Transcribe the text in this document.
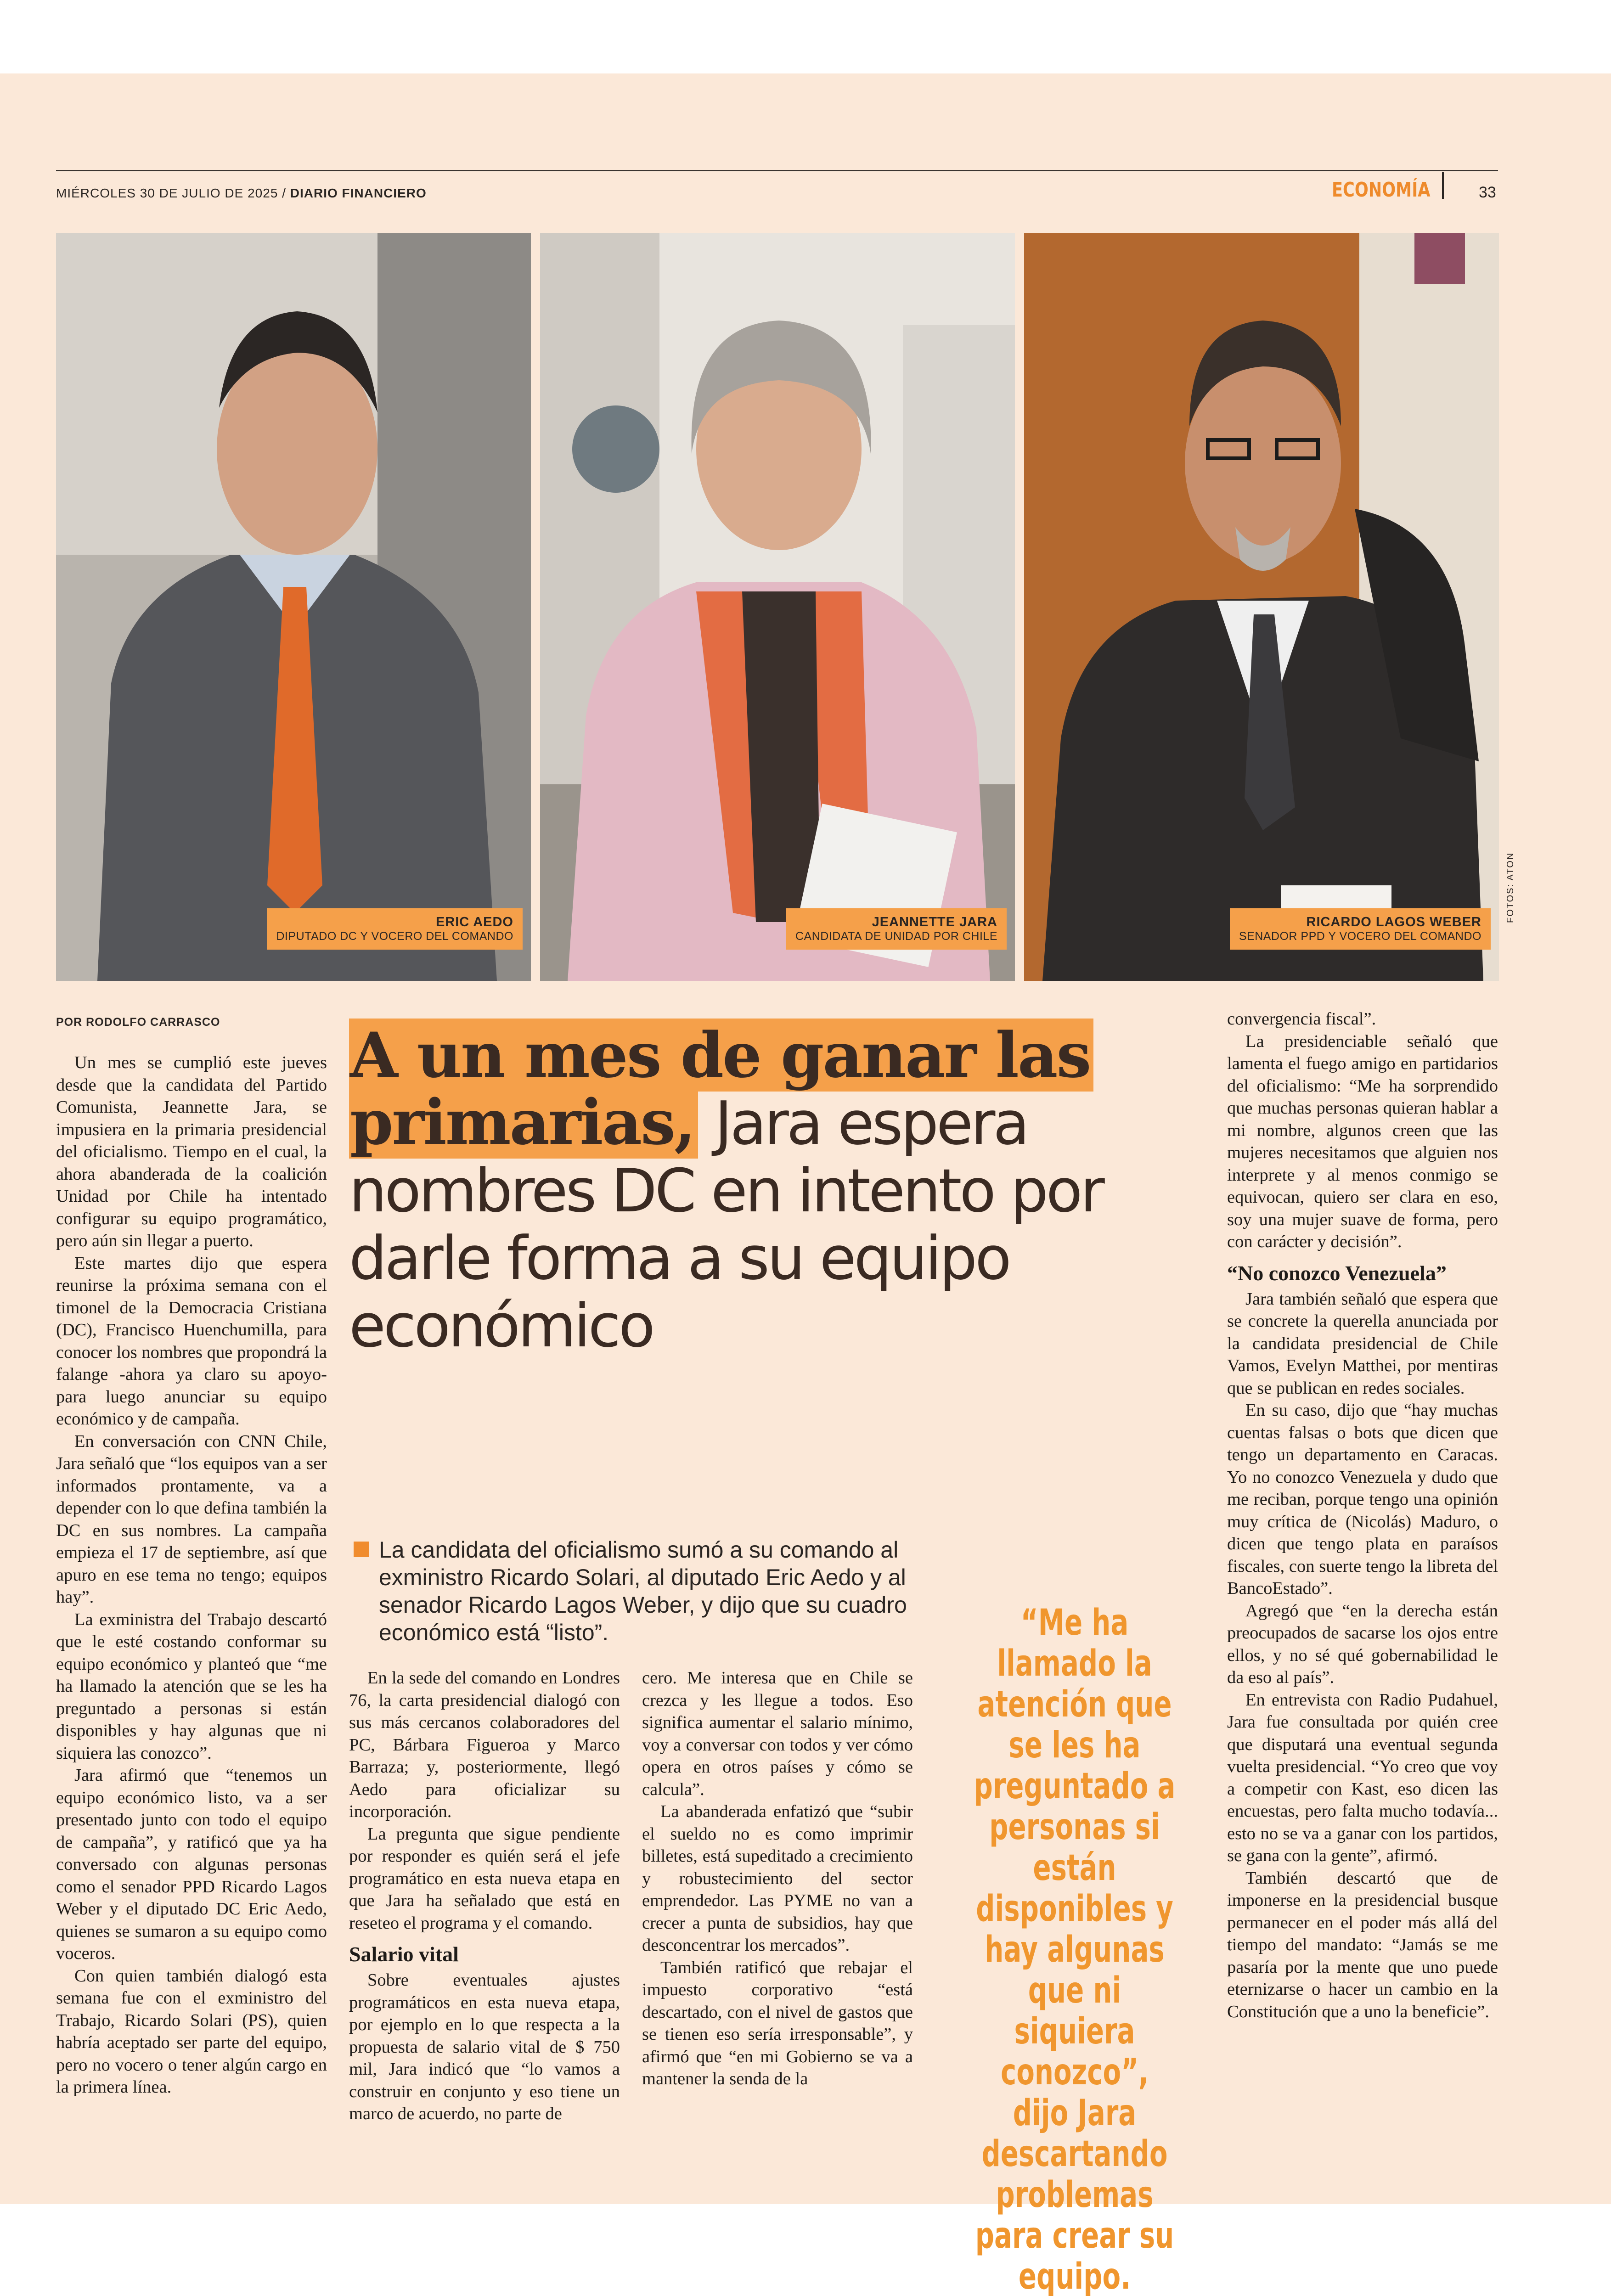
MIÉRCOLES 30 DE JULIO DE 2025 / DIARIO FINANCIERO	ECONOMÍA	33
ERIC AEDO
DIPUTADO DC Y VOCERO DEL COMANDO
JEANNETTE JARA
CANDIDATA DE UNIDAD POR CHILE
RICARDO LAGOS WEBER
SENADOR PPD Y VOCERO DEL COMANDO
FOTOS: ATON
POR RODOLFO CARRASCO A un mes de ganar las primarias, Jara espera nombres DC en intento por darle forma a su equipo económico
La candidata del oficialismo sumó a su comando al exministro Ricardo Solari, al diputado Eric Aedo y al senador Ricardo Lagos Weber, y dijo que su cuadro económico está “listo”.	“Me ha llamado la atención que se les ha preguntado a personas si están disponibles y hay algunas que ni siquiera conozco”, dijo Jara descartando problemas para crear su equipo.

Un mes se cumplió este jueves desde que la candidata del Partido Comunista, Jeannette Jara, se impusiera en la primaria presidencial del oficialismo. Tiempo en el cual, la ahora abanderada de la coalición Unidad por Chile ha intentado configurar su equipo programático, pero aún sin llegar a puerto.

Este martes dijo que espera reunirse la próxima semana con el timonel de la Democracia Cristiana (DC), Francisco Huenchumilla, para conocer los nombres que propondrá la falange -ahora ya claro su apoyo- para luego anunciar su equipo económico y de campaña.

En conversación con CNN Chile, Jara señaló que “los equipos van a ser informados prontamente, va a depender con lo que defina también la DC en sus nombres. La campaña empieza el 17 de septiembre, así que apuro en ese tema no tengo; equipos hay”.

La exministra del Trabajo descartó que le esté costando conformar su equipo económico y planteó que “me ha llamado la atención que se les ha preguntado a personas si están disponibles y hay algunas que ni siquiera las conozco”.

Jara afirmó que “tenemos un equipo económico listo, va a ser presentado junto con todo el equipo de campaña”, y ratificó que ya ha conversado con algunas personas como el senador PPD Ricardo Lagos Weber y el diputado DC Eric Aedo, quienes se sumaron a su equipo como voceros.

Con quien también dialogó esta semana fue con el exministro del Trabajo, Ricardo Solari (PS), quien habría aceptado ser parte del equipo, pero no vocero o tener algún cargo en la primera línea.

En la sede del comando en Londres 76, la carta presidencial dialogó con sus más cercanos colaboradores del PC, Bárbara Figueroa y Marco Barraza; y, posteriormente, llegó Aedo para oficializar su incorporación.

La pregunta que sigue pendiente por responder es quién será el jefe programático en esta nueva etapa en que Jara ha señalado que está en reseteo el programa y el comando.

Salario vital

Sobre eventuales ajustes programáticos en esta nueva etapa, por ejemplo en lo que respecta a la propuesta de salario vital de $ 750 mil, Jara indicó que “lo vamos a construir en conjunto y eso tiene un marco de acuerdo, no parte de

cero. Me interesa que en Chile se crezca y les llegue a todos. Eso significa aumentar el salario mínimo, voy a conversar con todos y ver cómo opera en otros países y cómo se calcula”.

La abanderada enfatizó que “subir el sueldo no es como imprimir billetes, está supeditado a crecimiento y robustecimiento del sector emprendedor. Las PYME no van a crecer a punta de subsidios, hay que desconcentrar los mercados”.

También ratificó que rebajar el impuesto corporativo “está descartado, con el nivel de gastos que se tienen eso sería irresponsable”, y afirmó que “en mi Gobierno se va a mantener la senda de la

convergencia fiscal”.

La presidenciable señaló que lamenta el fuego amigo en partidarios del oficialismo: “Me ha sorprendido que muchas personas quieran hablar a mi nombre, algunos creen que las mujeres necesitamos que alguien nos interprete y al menos conmigo se equivocan, quiero ser clara en eso, soy una mujer suave de forma, pero con carácter y decisión”.

“No conozco Venezuela”

Jara también señaló que espera que se concrete la querella anunciada por la candidata presidencial de Chile Vamos, Evelyn Matthei, por mentiras que se publican en redes sociales.

En su caso, dijo que “hay muchas cuentas falsas o bots que dicen que tengo un departamento en Caracas. Yo no conozco Venezuela y dudo que me reciban, porque tengo una opinión muy crítica de (Nicolás) Maduro, o dicen que tengo plata en paraísos fiscales, con suerte tengo la libreta del BancoEstado”.

Agregó que “en la derecha están preocupados de sacarse los ojos entre ellos, y no sé qué gobernabilidad le da eso al país”.

En entrevista con Radio Pudahuel, Jara fue consultada por quién cree que disputará una eventual segunda vuelta presidencial. “Yo creo que voy a competir con Kast, eso dicen las encuestas, pero falta mucho todavía... esto no se va a ganar con los partidos, se gana con la gente”, afirmó.

También descartó que de imponerse en la presidencial busque permanecer en el poder más allá del tiempo del mandato: “Jamás se me pasaría por la mente que uno puede eternizarse o hacer un cambio en la Constitución que a uno la beneficie”.
